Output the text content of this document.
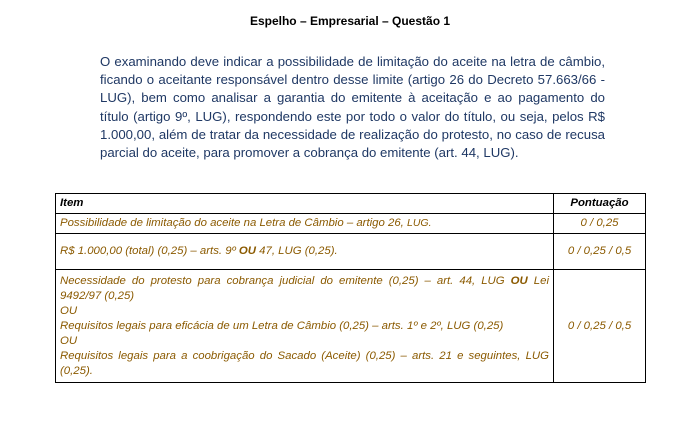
Espelho – Empresarial – Questão 1
O examinando deve indicar a possibilidade de limitação do aceite na letra de câmbio, ficando o aceitante responsável dentro desse limite (artigo 26 do Decreto 57.663/66 - LUG), bem como analisar a garantia do emitente à aceitação e ao pagamento do título (artigo 9º, LUG), respondendo este por todo o valor do título, ou seja, pelos R$ 1.000,00, além de tratar da necessidade de realização do protesto, no caso de recusa parcial do aceite, para promover a cobrança do emitente (art. 44, LUG).
Item	Pontuação
Possibilidade de limitação do aceite na Letra de Câmbio – artigo 26, LUG.	0 / 0,25
R$ 1.000,00 (total) (0,25) – arts. 9º OU 47, LUG (0,25).	0 / 0,25 / 0,5

Necessidade do protesto para cobrança judicial do emitente (0,25) – art. 44, LUG OU Lei 9492/97 (0,25)
OU
Requisitos legais para eficácia de um Letra de Câmbio (0,25) – arts. 1º e 2º, LUG (0,25)
OU
Requisitos legais para a coobrigação do Sacado (Aceite) (0,25) – arts. 21 e seguintes, LUG (0,25).	0 / 0,25 / 0,5
